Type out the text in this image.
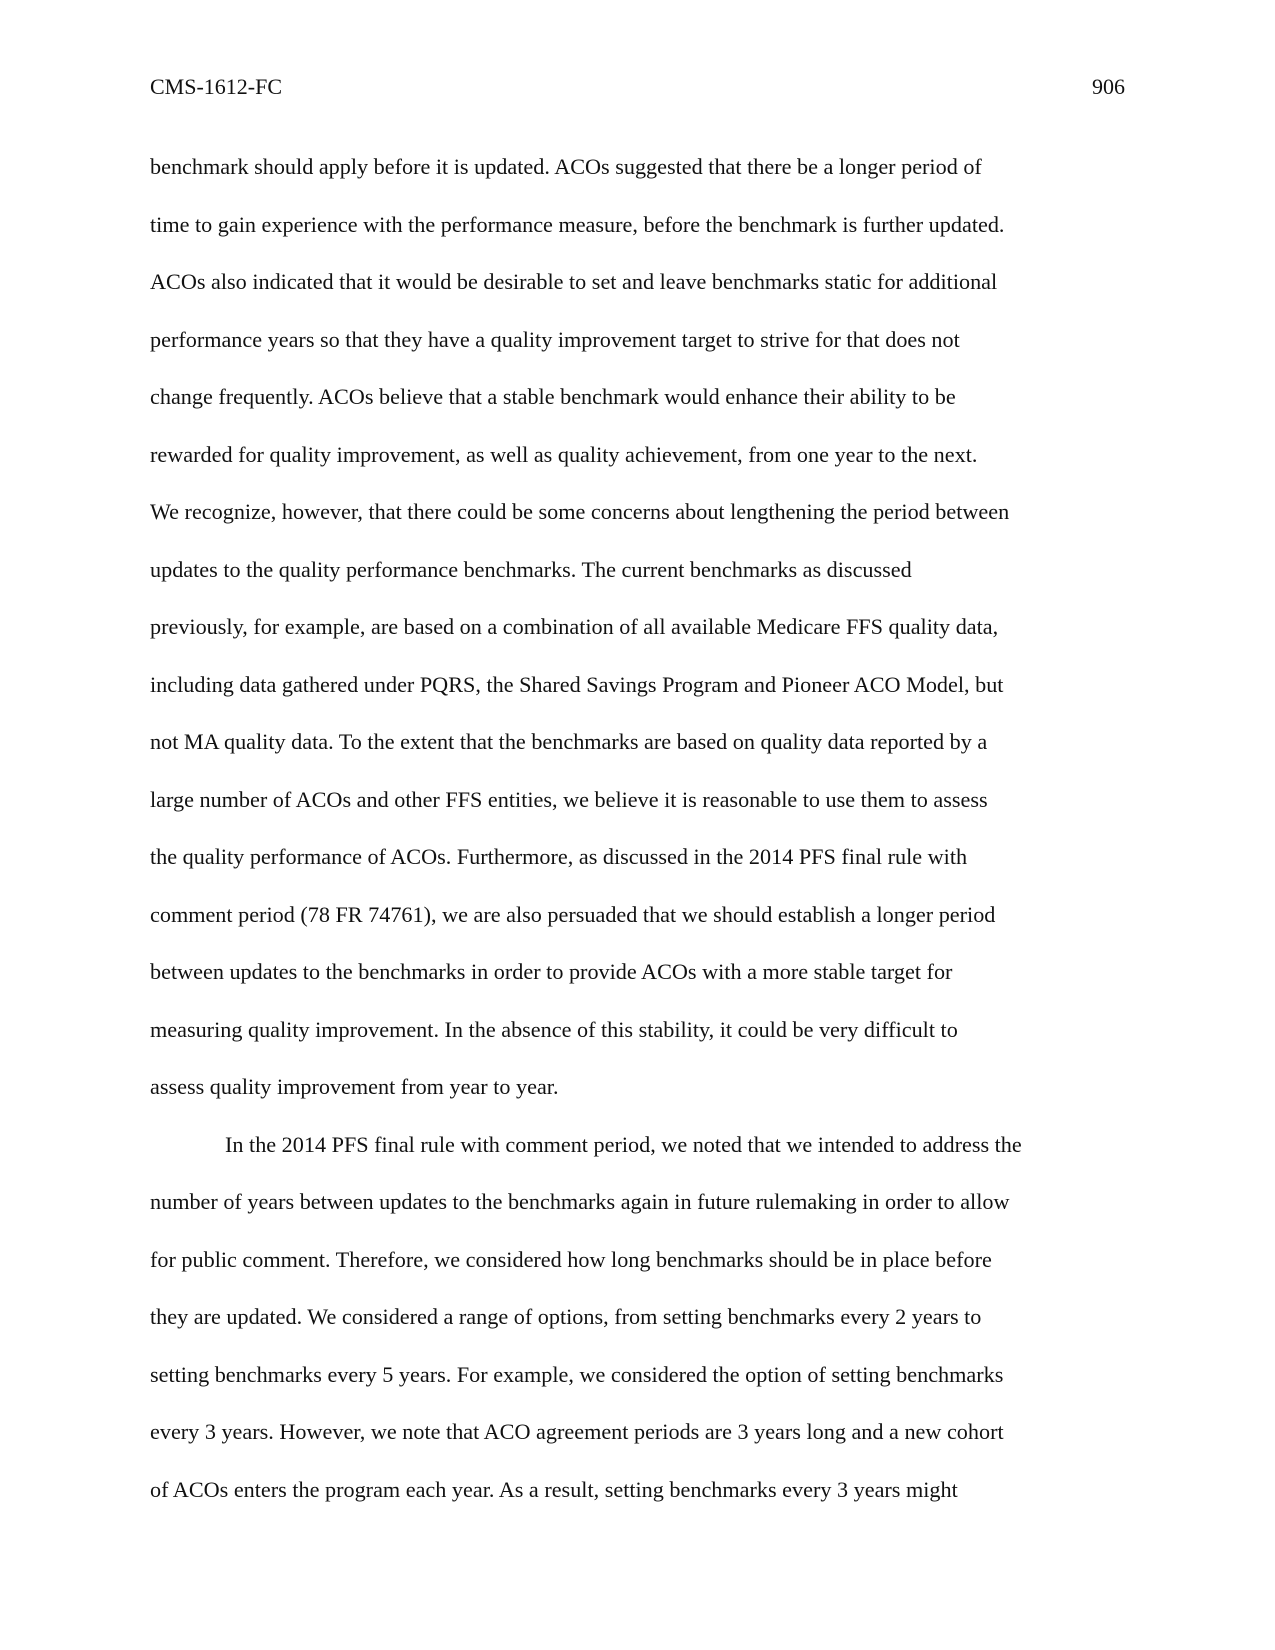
CMS-1612-FC	906
benchmark should apply before it is updated. ACOs suggested that there be a longer period of
time to gain experience with the performance measure, before the benchmark is further updated.
ACOs also indicated that it would be desirable to set and leave benchmarks static for additional
performance years so that they have a quality improvement target to strive for that does not
change frequently. ACOs believe that a stable benchmark would enhance their ability to be
rewarded for quality improvement, as well as quality achievement, from one year to the next.
We recognize, however, that there could be some concerns about lengthening the period between
updates to the quality performance benchmarks. The current benchmarks as discussed
previously, for example, are based on a combination of all available Medicare FFS quality data,
including data gathered under PQRS, the Shared Savings Program and Pioneer ACO Model, but
not MA quality data. To the extent that the benchmarks are based on quality data reported by a
large number of ACOs and other FFS entities, we believe it is reasonable to use them to assess
the quality performance of ACOs. Furthermore, as discussed in the 2014 PFS final rule with
comment period (78 FR 74761), we are also persuaded that we should establish a longer period
between updates to the benchmarks in order to provide ACOs with a more stable target for
measuring quality improvement. In the absence of this stability, it could be very difficult to
assess quality improvement from year to year.
In the 2014 PFS final rule with comment period, we noted that we intended to address the
number of years between updates to the benchmarks again in future rulemaking in order to allow
for public comment. Therefore, we considered how long benchmarks should be in place before
they are updated. We considered a range of options, from setting benchmarks every 2 years to
setting benchmarks every 5 years. For example, we considered the option of setting benchmarks
every 3 years. However, we note that ACO agreement periods are 3 years long and a new cohort
of ACOs enters the program each year. As a result, setting benchmarks every 3 years might
